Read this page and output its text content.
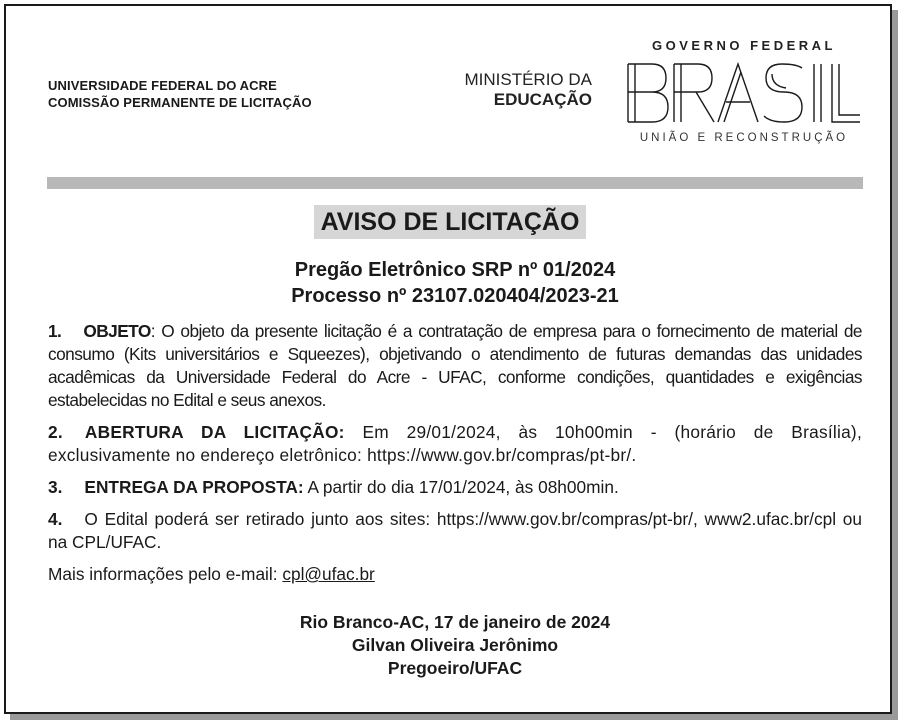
UNIVERSIDADE FEDERAL DO ACRE
COMISSÃO PERMANENTE DE LICITAÇÃO
MINISTÉRIO DA
EDUCAÇÃO
GOVERNO FEDERAL
UNIÃO E RECONSTRUÇÃO
AVISO DE LICITAÇÃO
Pregão Eletrônico SRP nº 01/2024
Processo nº 23107.020404/2023-21
1. OBJETO: O objeto da presente licitação é a contratação de empresa para o fornecimento de material de consumo (Kits universitários e Squeezes), objetivando o atendimento de futuras demandas das unidades acadêmicas da Universidade Federal do Acre - UFAC, conforme condições, quantidades e exigências estabelecidas no Edital e seus anexos.
2. ABERTURA DA LICITAÇÃO: Em 29/01/2024, às 10h00min - (horário de Brasília), exclusivamente no endereço eletrônico: https://www.gov.br/compras/pt-br/.
3. ENTREGA DA PROPOSTA: A partir do dia 17/01/2024, às 08h00min.
4. O Edital poderá ser retirado junto aos sites: https://www.gov.br/compras/pt-br/, www2.ufac.br/cpl ou na CPL/UFAC.
Mais informações pelo e-mail: cpl@ufac.br
Rio Branco-AC, 17 de janeiro de 2024
Gilvan Oliveira Jerônimo
Pregoeiro/UFAC
